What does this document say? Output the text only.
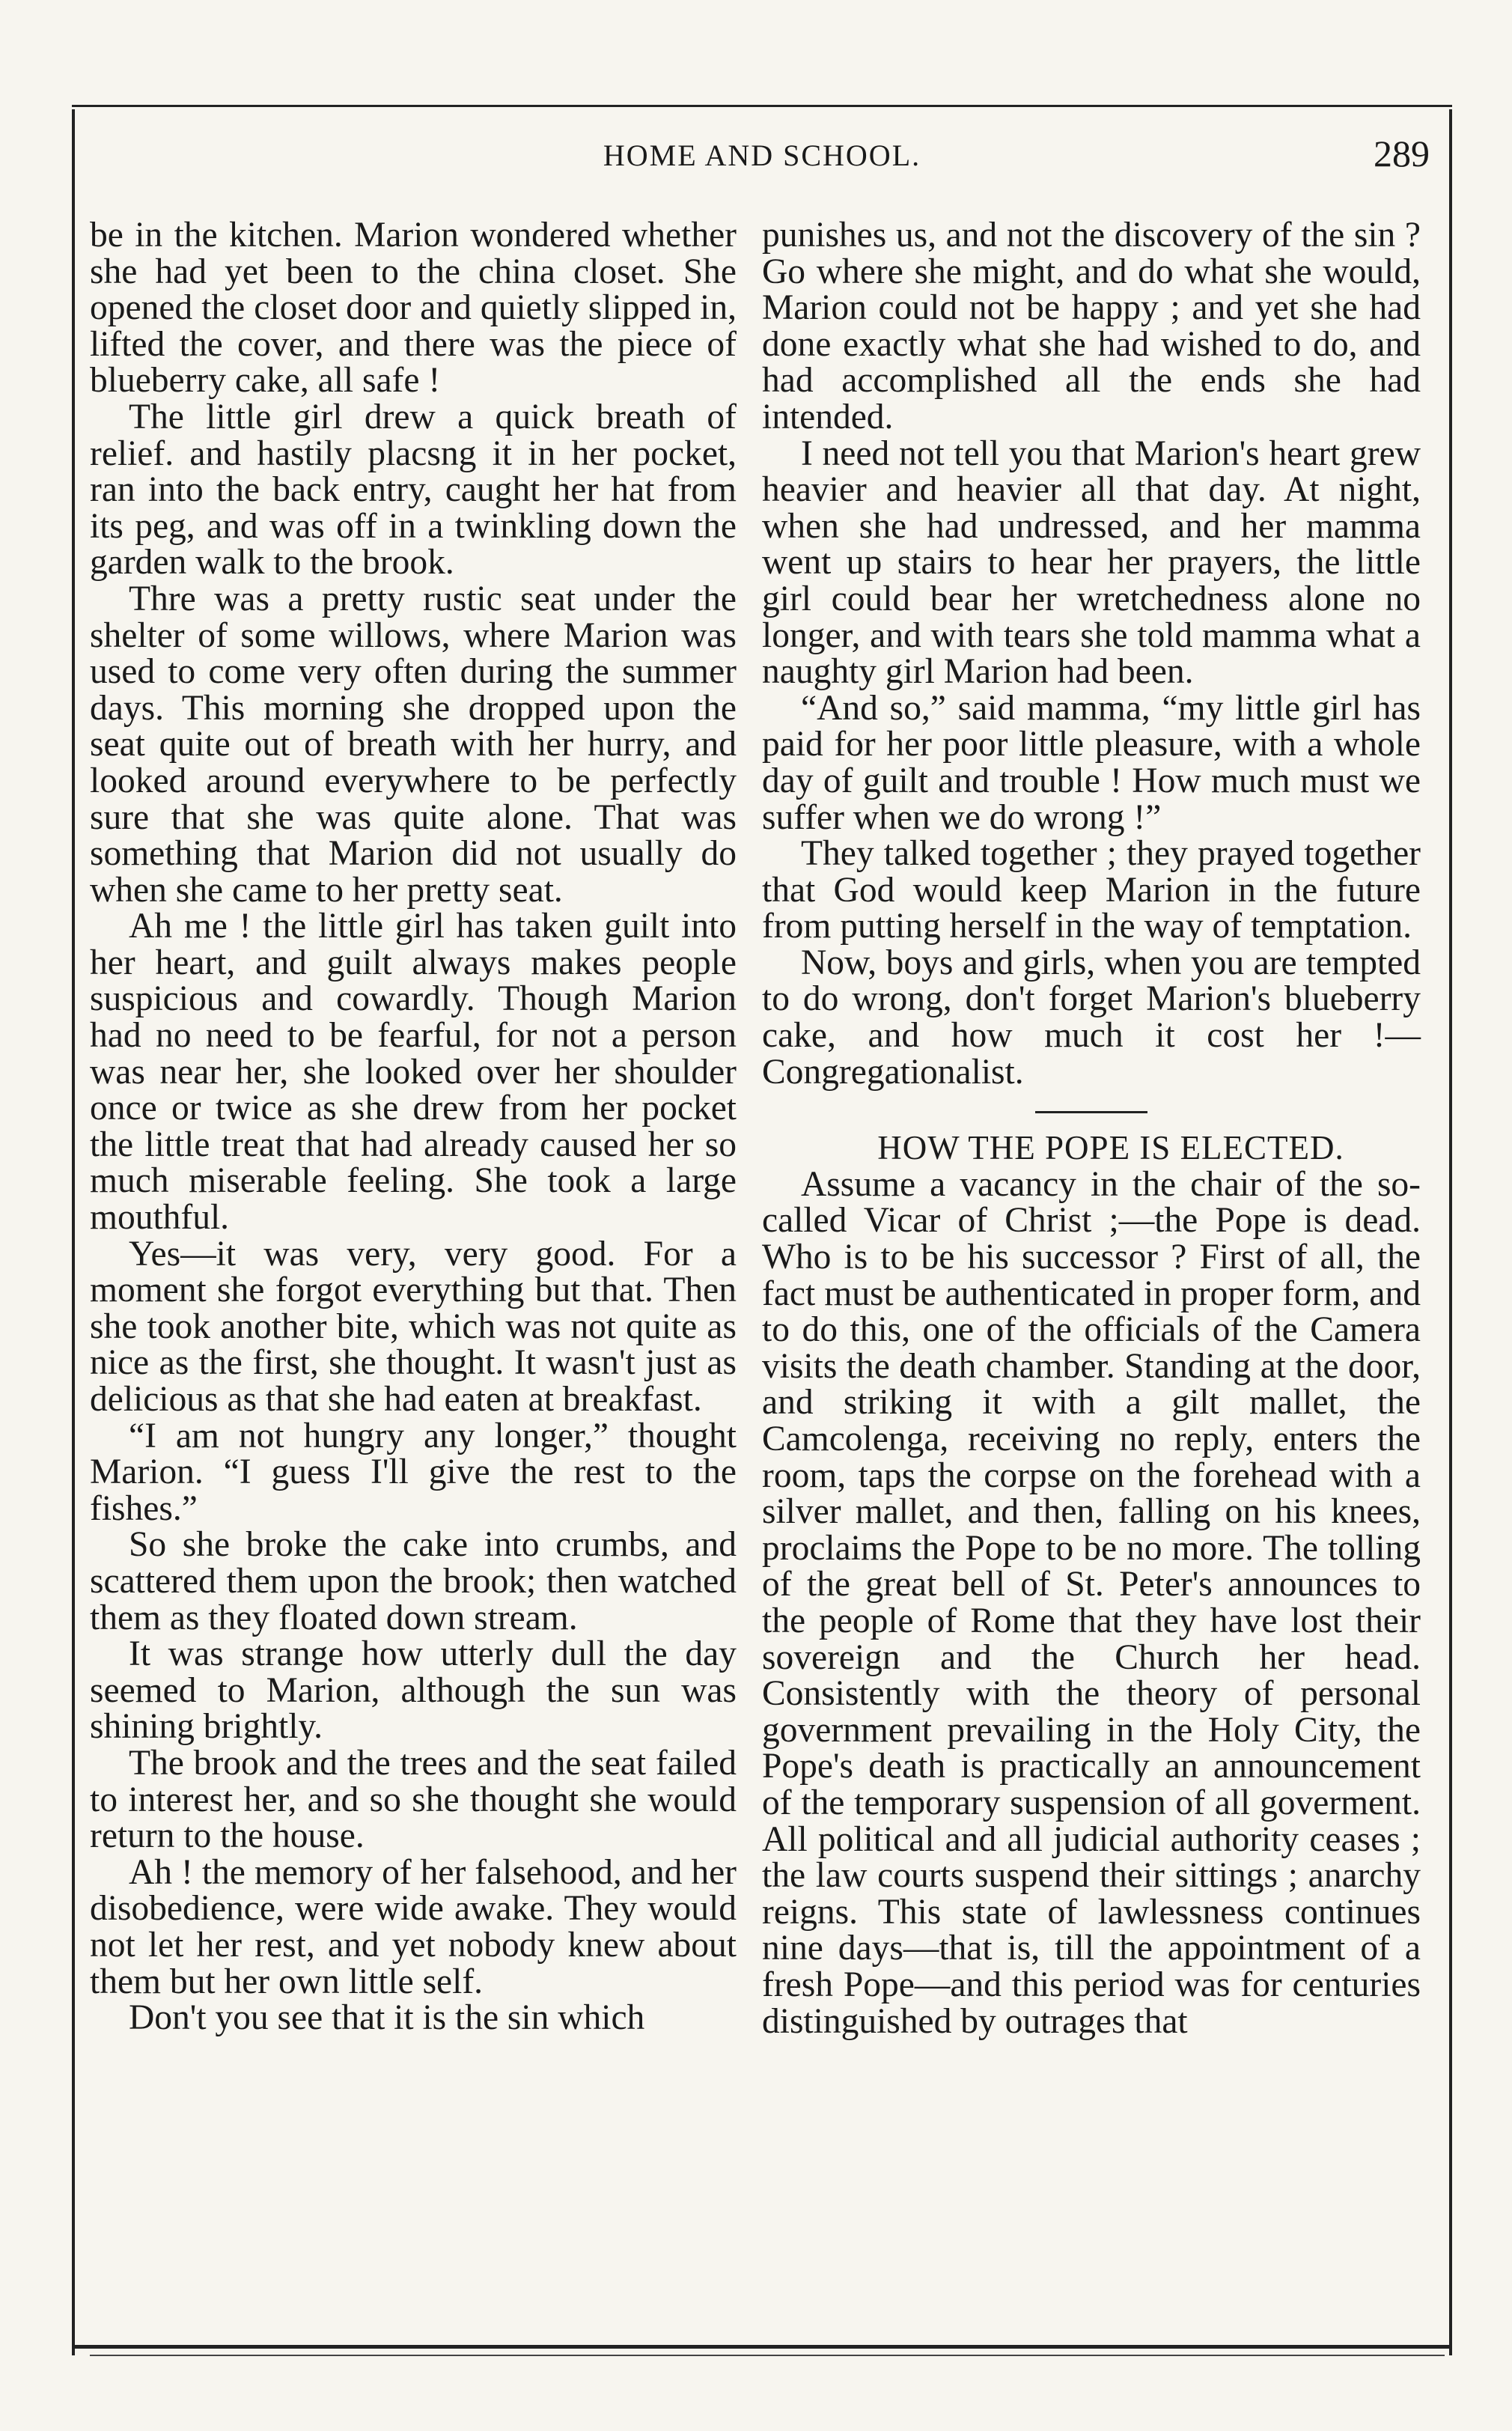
HOME AND SCHOOL.	289

be in the kitchen. Marion wondered whether she had yet been to the china closet. She opened the closet door and quietly slipped in, lifted the cover, and there was the piece of blueberry cake, all safe !

The little girl drew a quick breath of relief. and hastily placsng it in her pocket, ran into the back entry, caught her hat from its peg, and was off in a twinkling down the garden walk to the brook.

Thre was a pretty rustic seat under the shelter of some willows, where Marion was used to come very often during the summer days. This morning she dropped upon the seat quite out of breath with her hurry, and looked around everywhere to be perfectly sure that she was quite alone. That was something that Marion did not usually do when she came to her pretty seat.

Ah me ! the little girl has taken guilt into her heart, and guilt always makes people suspicious and cowardly. Though Marion had no need to be fearful, for not a person was near her, she looked over her shoulder once or twice as she drew from her pocket the little treat that had already caused her so much miserable feeling. She took a large mouthful.

Yes—it was very, very good. For a moment she forgot everything but that. Then she took another bite, which was not quite as nice as the first, she thought. It wasn't just as delicious as that she had eaten at breakfast.

“I am not hungry any longer,” thought Marion. “I guess I'll give the rest to the fishes.”

So she broke the cake into crumbs, and scattered them upon the brook; then watched them as they floated down stream.

It was strange how utterly dull the day seemed to Marion, although the sun was shining brightly.

The brook and the trees and the seat failed to interest her, and so she thought she would return to the house.

Ah ! the memory of her falsehood, and her disobedience, were wide awake. They would not let her rest, and yet nobody knew about them but her own little self.

Don't you see that it is the sin which

punishes us, and not the discovery of the sin ? Go where she might, and do what she would, Marion could not be happy ; and yet she had done exactly what she had wished to do, and had accomplished all the ends she had intended.

I need not tell you that Marion's heart grew heavier and heavier all that day. At night, when she had undressed, and her mamma went up stairs to hear her prayers, the little girl could bear her wretchedness alone no longer, and with tears she told mamma what a naughty girl Marion had been.

“And so,” said mamma, “my little girl has paid for her poor little pleasure, with a whole day of guilt and trouble ! How much must we suffer when we do wrong !”

They talked together ; they prayed together that God would keep Marion in the future from putting herself in the way of temptation.

Now, boys and girls, when you are tempted to do wrong, don't forget Marion's blueberry cake, and how much it cost her !—Congregationalist.

HOW THE POPE IS ELECTED.

Assume a vacancy in the chair of the so-called Vicar of Christ ;—the Pope is dead. Who is to be his successor ? First of all, the fact must be authenticated in proper form, and to do this, one of the officials of the Camera visits the death chamber. Standing at the door, and striking it with a gilt mallet, the Camcolenga, receiving no reply, enters the room, taps the corpse on the forehead with a silver mallet, and then, falling on his knees, proclaims the Pope to be no more. The tolling of the great bell of St. Peter's announces to the people of Rome that they have lost their sovereign and the Church her head. Consistently with the theory of personal government prevailing in the Holy City, the Pope's death is practically an announcement of the temporary suspension of all goverment. All political and all judicial authority ceases ; the law courts suspend their sittings ; anarchy reigns. This state of lawlessness continues nine days—that is, till the appointment of a fresh Pope—and this period was for centuries distinguished by outrages that
